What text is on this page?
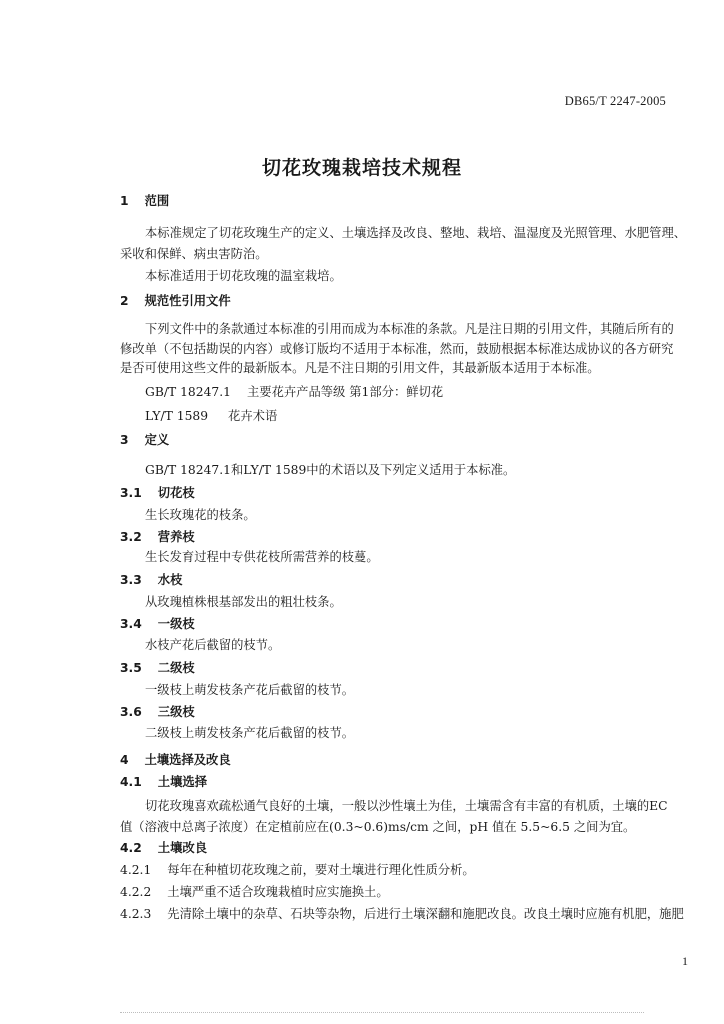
DB65/T 2247-2005
切花玫瑰栽培技术规程
1 范围
本标准规定了切花玫瑰生产的定义、土壤选择及改良、整地、栽培、温湿度及光照管理、水肥管理、
采收和保鲜、病虫害防治。
本标准适用于切花玫瑰的温室栽培。
2 规范性引用文件
下列文件中的条款通过本标准的引用而成为本标准的条款。凡是注日期的引用文件，其随后所有的
修改单（不包括勘误的内容）或修订版均不适用于本标准，然而，鼓励根据本标准达成协议的各方研究
是否可使用这些文件的最新版本。凡是不注日期的引用文件，其最新版本适用于本标准。
GB/T 18247.1 主要花卉产品等级 第1部分：鲜切花
LY/T 1589 花卉术语
3 定义
GB/T 18247.1和LY/T 1589中的术语以及下列定义适用于本标准。
3.1 切花枝
生长玫瑰花的枝条。
3.2 营养枝
生长发育过程中专供花枝所需营养的枝蔓。
3.3 水枝
从玫瑰植株根基部发出的粗壮枝条。
3.4 一级枝
水枝产花后截留的枝节。
3.5 二级枝
一级枝上萌发枝条产花后截留的枝节。
3.6 三级枝
二级枝上萌发枝条产花后截留的枝节。
4 土壤选择及改良
4.1 土壤选择
切花玫瑰喜欢疏松通气良好的土壤，一般以沙性壤土为佳，土壤需含有丰富的有机质，土壤的EC
值（溶液中总离子浓度）在定植前应在(0.3~0.6)ms/cm 之间，pH 值在 5.5~6.5 之间为宜。
4.2 土壤改良
4.2.1 每年在种植切花玫瑰之前，要对土壤进行理化性质分析。
4.2.2 土壤严重不适合玫瑰栽植时应实施换土。
4.2.3 先清除土壤中的杂草、石块等杂物，后进行土壤深翻和施肥改良。改良土壤时应施有机肥，施肥
1
